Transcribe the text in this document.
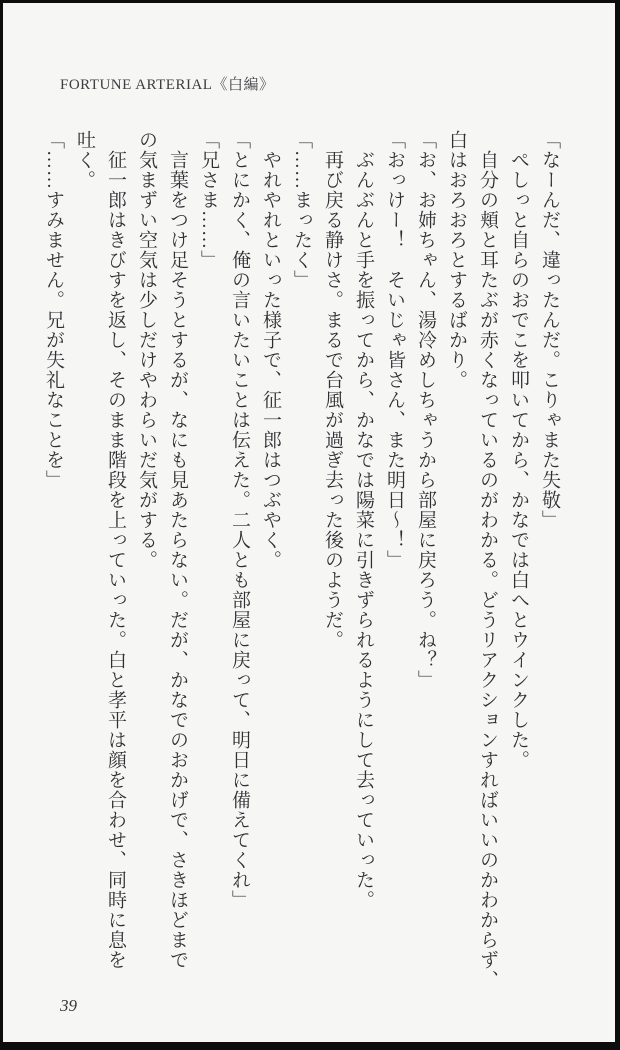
FORTUNE ARTERIAL《白編》
「なーんだ、違ったんだ。こりゃまた失敬」
　ぺしっと自らのおでこを叩いてから、かなでは白へとウインクした。
　自分の頬と耳たぶが赤くなっているのがわかる。どうリアクションすればいいのかわからず、
白はおろおろとするばかり。
「お、お姉ちゃん、湯冷めしちゃうから部屋に戻ろう。ね？」
「おっけー！　そいじゃ皆さん、また明日～！」
　ぶんぶんと手を振ってから、かなでは陽菜に引きずられるようにして去っていった。
　再び戻る静けさ。まるで台風が過ぎ去った後のようだ。
「……まったく」
　やれやれといった様子で、征一郎はつぶやく。
「とにかく、俺の言いたいことは伝えた。二人とも部屋に戻って、明日に備えてくれ」
「兄さま……」
　言葉をつけ足そうとするが、なにも見あたらない。だが、かなでのおかげで、さきほどまで
の気まずい空気は少しだけやわらいだ気がする。
　征一郎はきびすを返し、そのまま階段を上っていった。白と孝平は顔を合わせ、同時に息を
吐く。
「……すみません。兄が失礼なことを」
39
